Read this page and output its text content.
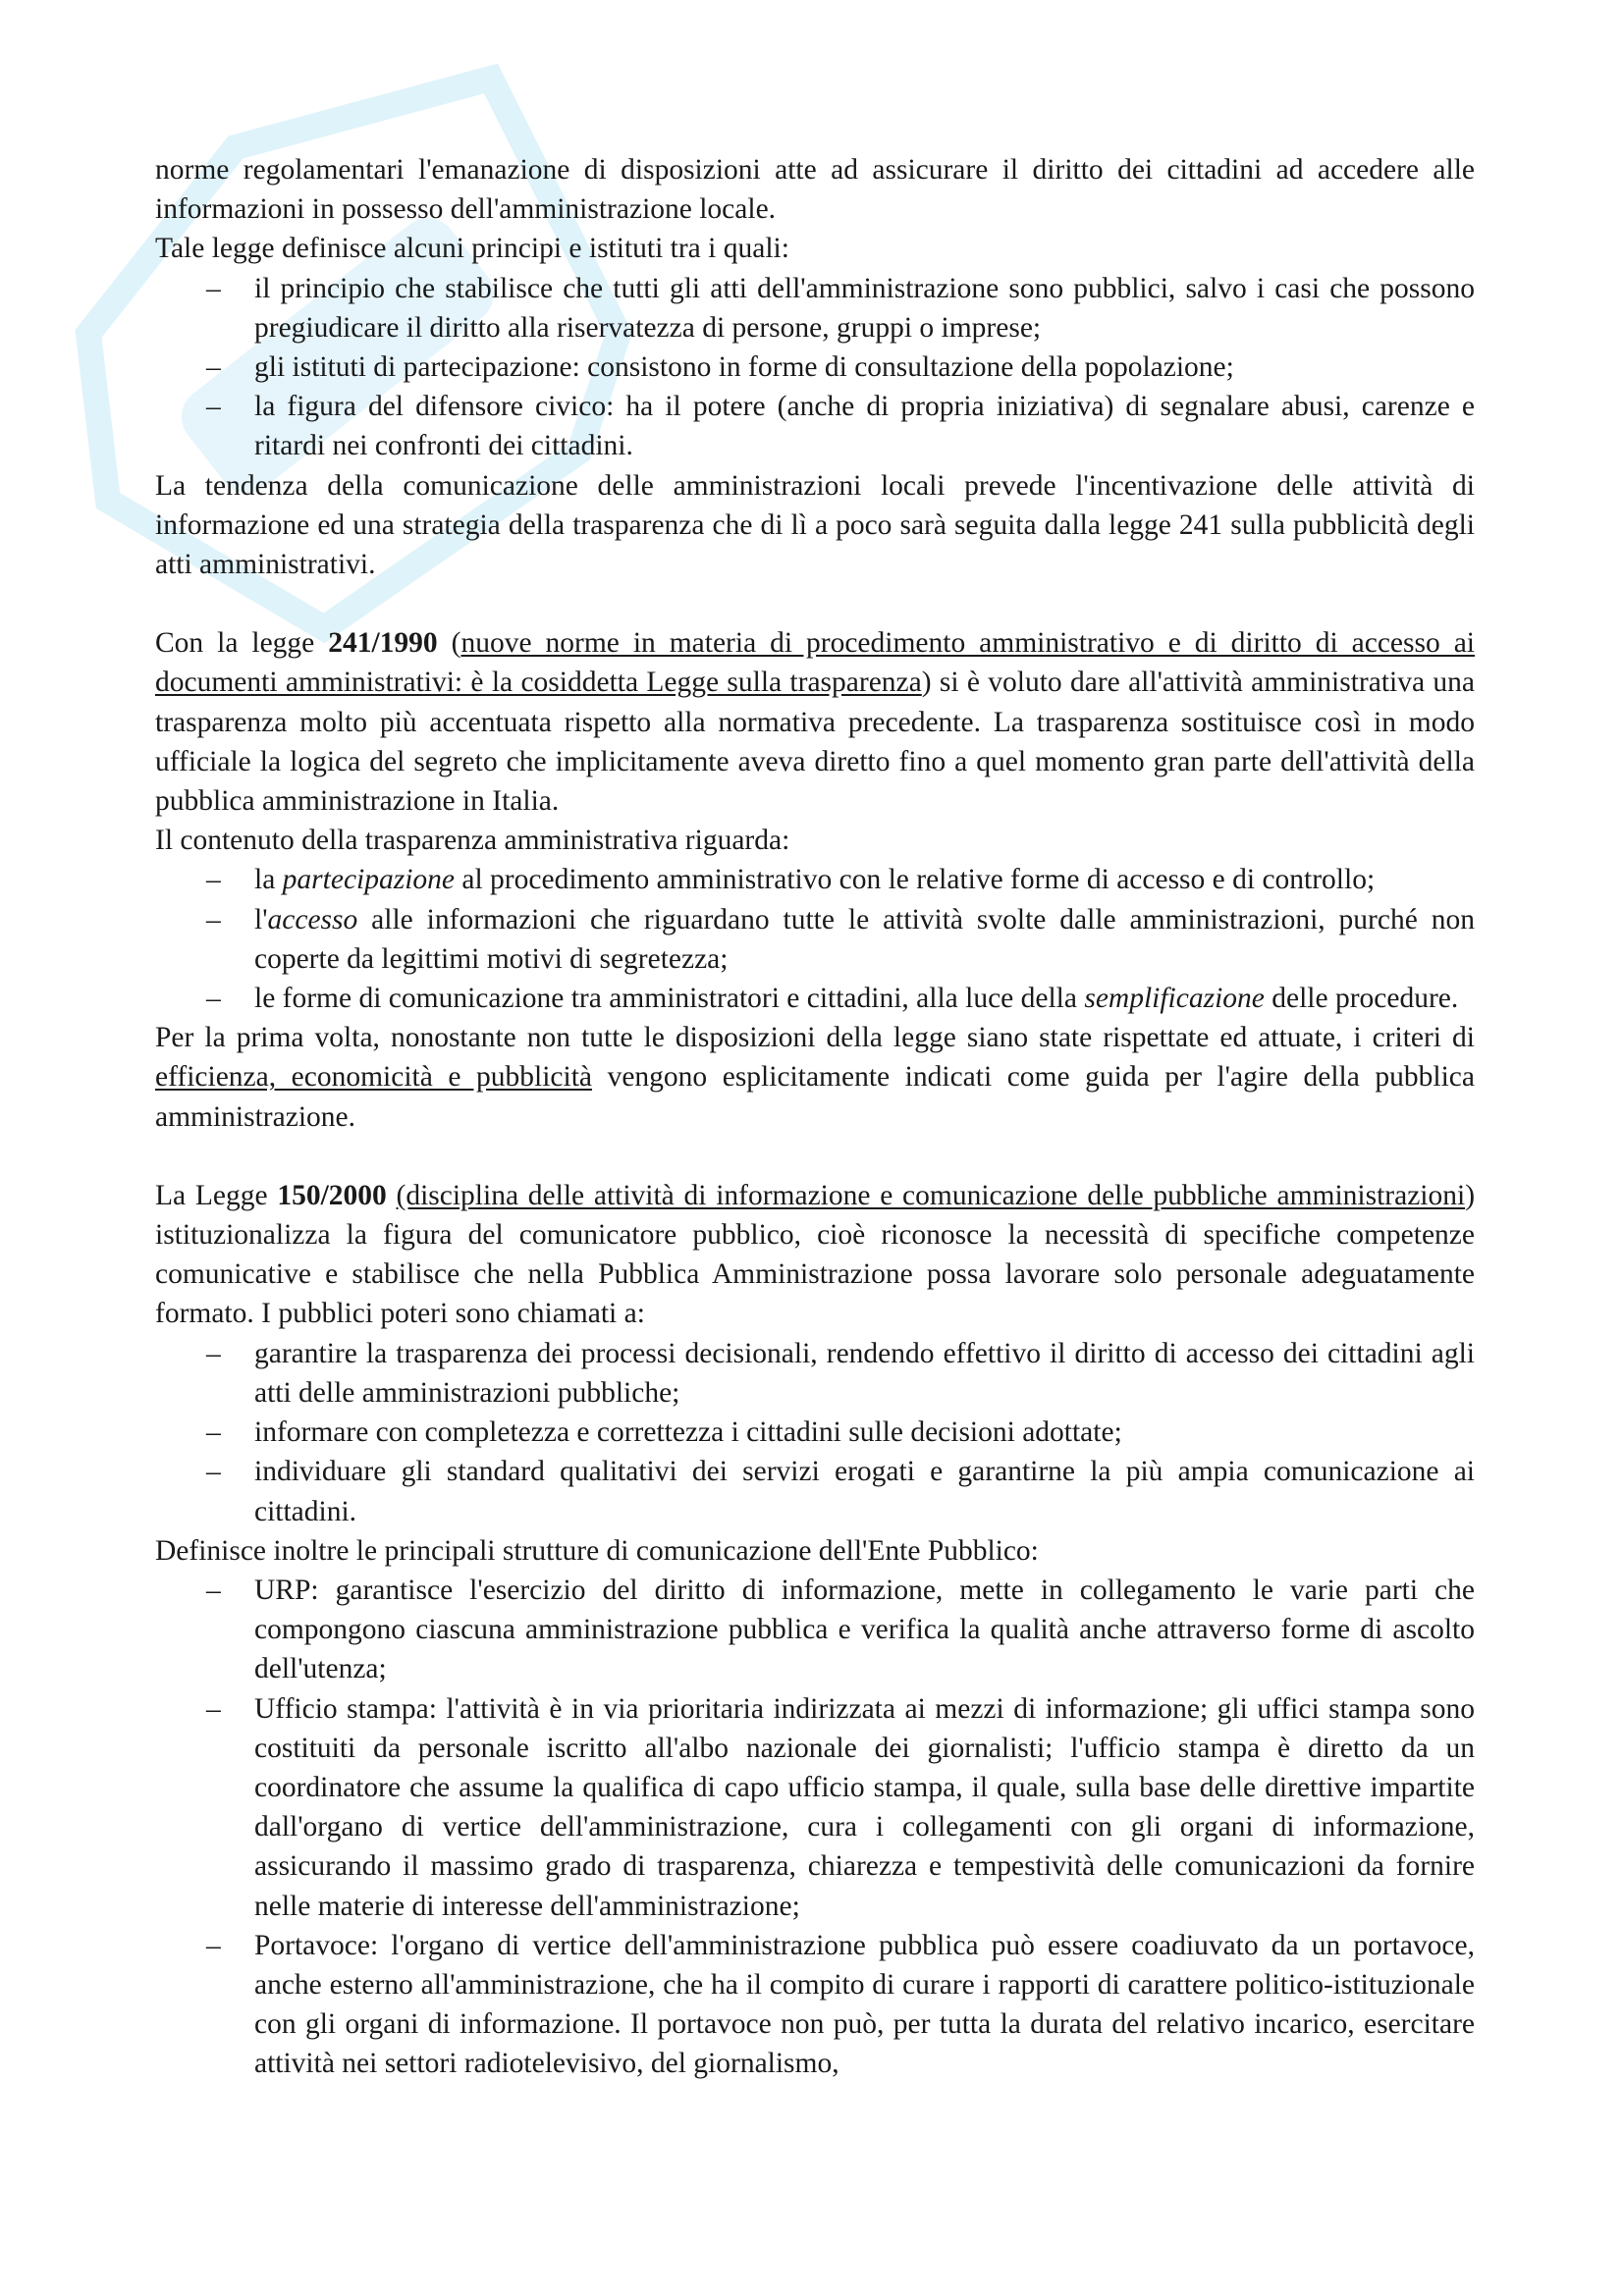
norme regolamentari l'emanazione di disposizioni atte ad assicurare il diritto dei cittadini ad accedere alle informazioni in possesso dell'amministrazione locale.

Tale legge definisce alcuni principi e istituti tra i quali:

– il principio che stabilisce che tutti gli atti dell'amministrazione sono pubblici, salvo i casi che possono pregiudicare il diritto alla riservatezza di persone, gruppi o imprese;
– gli istituti di partecipazione: consistono in forme di consultazione della popolazione;
– la figura del difensore civico: ha il potere (anche di propria iniziativa) di segnalare abusi, carenze e ritardi nei confronti dei cittadini.

La tendenza della comunicazione delle amministrazioni locali prevede l'incentivazione delle attività di informazione ed una strategia della trasparenza che di lì a poco sarà seguita dalla legge 241 sulla pubblicità degli atti amministrativi.

Con la legge 241/1990 (nuove norme in materia di procedimento amministrativo e di diritto di accesso ai documenti amministrativi: è la cosiddetta Legge sulla trasparenza) si è voluto dare all'attività amministrativa una trasparenza molto più accentuata rispetto alla normativa precedente. La trasparenza sostituisce così in modo ufficiale la logica del segreto che implicitamente aveva diretto fino a quel momento gran parte dell'attività della pubblica amministrazione in Italia.

Il contenuto della trasparenza amministrativa riguarda:

– la partecipazione al procedimento amministrativo con le relative forme di accesso e di controllo;
– l'accesso alle informazioni che riguardano tutte le attività svolte dalle amministrazioni, purché non coperte da legittimi motivi di segretezza;
– le forme di comunicazione tra amministratori e cittadini, alla luce della semplificazione delle procedure.

Per la prima volta, nonostante non tutte le disposizioni della legge siano state rispettate ed attuate, i criteri di efficienza, economicità e pubblicità vengono esplicitamente indicati come guida per l'agire della pubblica amministrazione.

La Legge 150/2000 (disciplina delle attività di informazione e comunicazione delle pubbliche amministrazioni) istituzionalizza la figura del comunicatore pubblico, cioè riconosce la necessità di specifiche competenze comunicative e stabilisce che nella Pubblica Amministrazione possa lavorare solo personale adeguatamente formato. I pubblici poteri sono chiamati a:

– garantire la trasparenza dei processi decisionali, rendendo effettivo il diritto di accesso dei cittadini agli atti delle amministrazioni pubbliche;
– informare con completezza e correttezza i cittadini sulle decisioni adottate;
– individuare gli standard qualitativi dei servizi erogati e garantirne la più ampia comunicazione ai cittadini.

Definisce inoltre le principali strutture di comunicazione dell'Ente Pubblico:

– URP: garantisce l'esercizio del diritto di informazione, mette in collegamento le varie parti che compongono ciascuna amministrazione pubblica e verifica la qualità anche attraverso forme di ascolto dell'utenza;
– Ufficio stampa: l'attività è in via prioritaria indirizzata ai mezzi di informazione; gli uffici stampa sono costituiti da personale iscritto all'albo nazionale dei giornalisti; l'ufficio stampa è diretto da un coordinatore che assume la qualifica di capo ufficio stampa, il quale, sulla base delle direttive impartite dall'organo di vertice dell'amministrazione, cura i collegamenti con gli organi di informazione, assicurando il massimo grado di trasparenza, chiarezza e tempestività delle comunicazioni da fornire nelle materie di interesse dell'amministrazione;
– Portavoce: l'organo di vertice dell'amministrazione pubblica può essere coadiuvato da un portavoce, anche esterno all'amministrazione, che ha il compito di curare i rapporti di carattere politico-istituzionale con gli organi di informazione. Il portavoce non può, per tutta la durata del relativo incarico, esercitare attività nei settori radiotelevisivo, del giornalismo,
